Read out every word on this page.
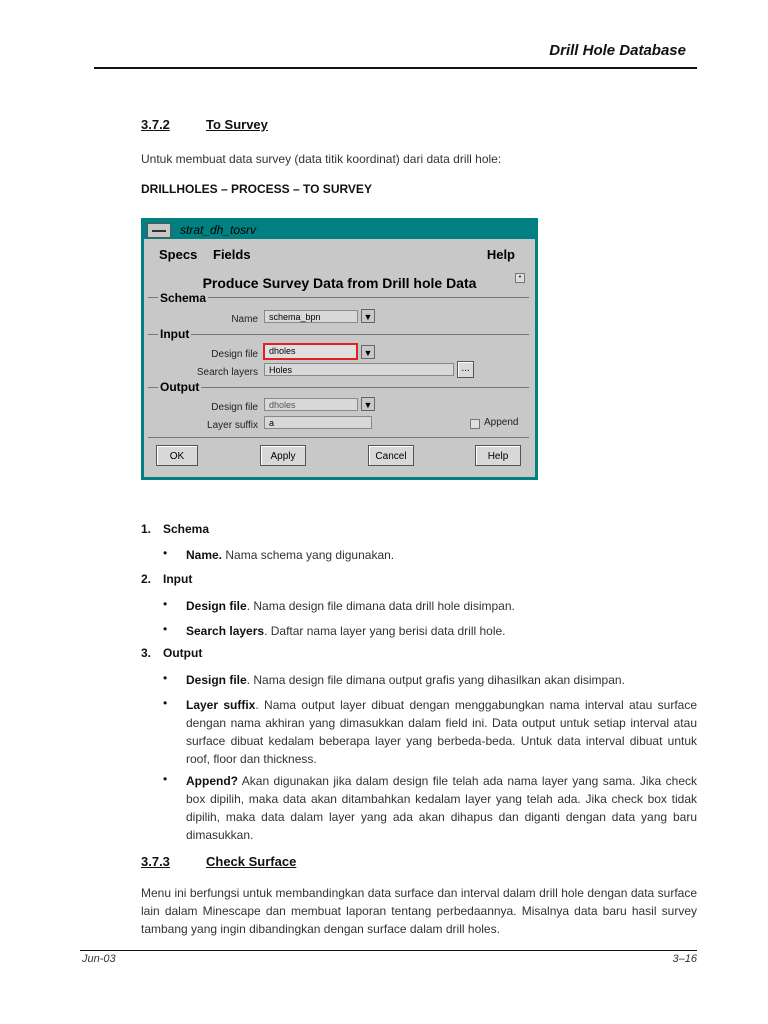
Drill Hole Database
3.7.2	To Survey
Untuk membuat data survey (data titik koordinat) dari data drill hole:
DRILLHOLES – PROCESS – TO SURVEY
strat_dh_tosrv
Specs Fields	Help
Produce Survey Data from Drill hole Data	•
Schema
Name	schema_bpn	▼
Input
Design file	dholes	▼
Search layers	Holes	...
Output
Design file	dholes	▼
Layer suffix	a	Append
OK	Apply	Cancel	Help
1. Schema
• Name. Nama schema yang digunakan.
2. Input
• Design file. Nama design file dimana data drill hole disimpan.
• Search layers. Daftar nama layer yang berisi data drill hole.
3. Output
• Design file. Nama design file dimana output grafis yang dihasilkan akan disimpan.
• Layer suffix. Nama output layer dibuat dengan menggabungkan nama interval atau surface dengan nama akhiran yang dimasukkan dalam field ini. Data output untuk setiap interval atau surface dibuat kedalam beberapa layer yang berbeda-beda. Untuk data interval dibuat untuk roof, floor dan thickness.
• Append? Akan digunakan jika dalam design file telah ada nama layer yang sama. Jika check box dipilih, maka data akan ditambahkan kedalam layer yang telah ada. Jika check box tidak dipilih, maka data dalam layer yang ada akan dihapus dan diganti dengan data yang baru dimasukkan.
3.7.3	Check Surface
Menu ini berfungsi untuk membandingkan data surface dan interval dalam drill hole dengan data surface lain dalam Minescape dan membuat laporan tentang perbedaannya. Misalnya data baru hasil survey tambang yang ingin dibandingkan dengan surface dalam drill holes.
Jun-03	3–16
